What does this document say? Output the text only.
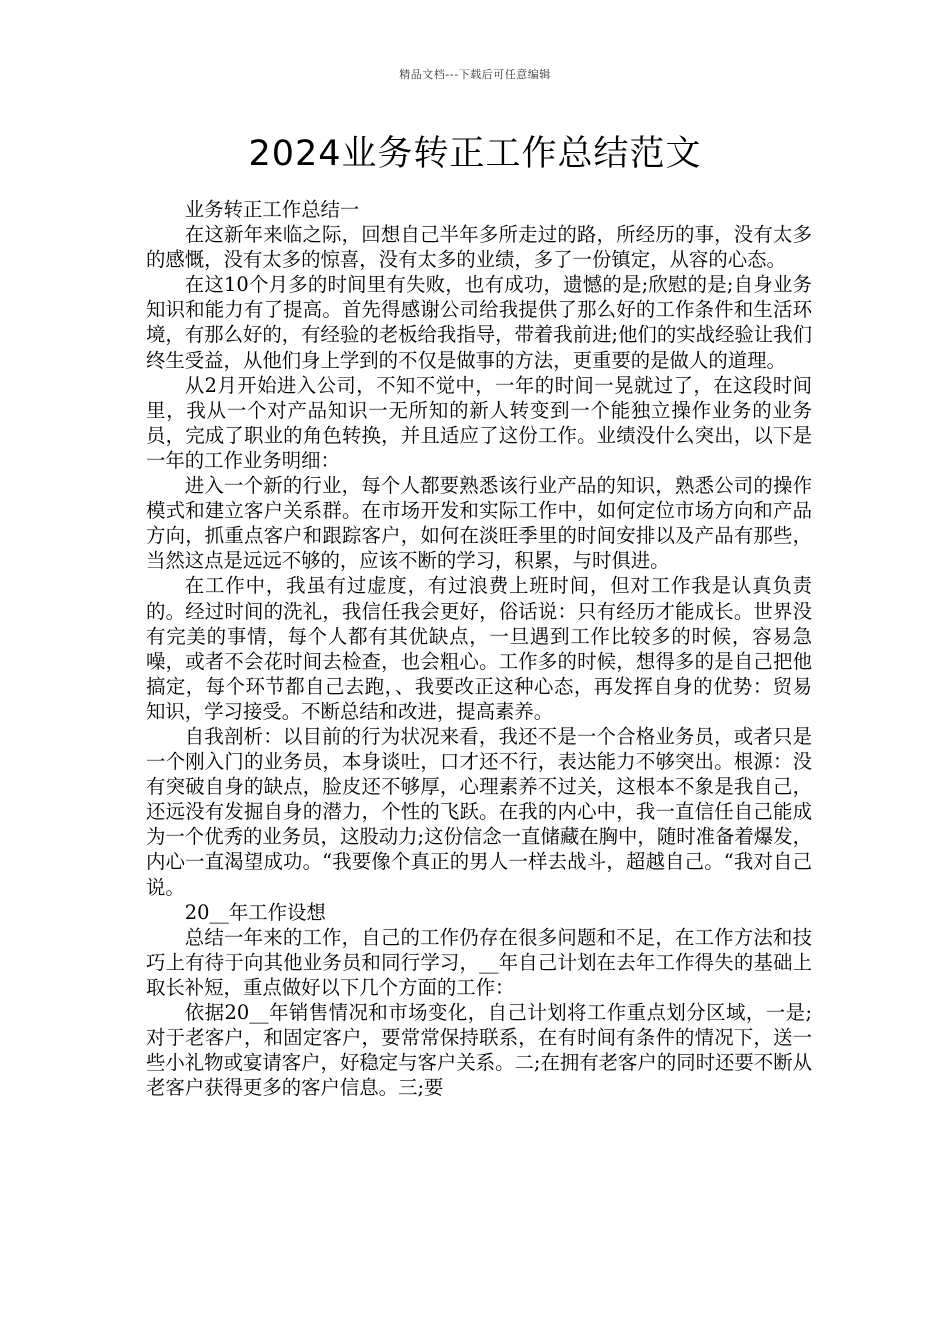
精品文档---下载后可任意编辑
2024业务转正工作总结范文

业务转正工作总结一

在这新年来临之际，回想自己半年多所走过的路，所经历的事，没有太多的感慨，没有太多的惊喜，没有太多的业绩，多了一份镇定，从容的心态。

在这10个月多的时间里有失败，也有成功，遗憾的是;欣慰的是;自身业务知识和能力有了提高。首先得感谢公司给我提供了那么好的工作条件和生活环境，有那么好的，有经验的老板给我指导，带着我前进;他们的实战经验让我们终生受益，从他们身上学到的不仅是做事的方法，更重要的是做人的道理。

从2月开始进入公司，不知不觉中，一年的时间一晃就过了，在这段时间里，我从一个对产品知识一无所知的新人转变到一个能独立操作业务的业务员，完成了职业的角色转换，并且适应了这份工作。业绩没什么突出，以下是一年的工作业务明细：

进入一个新的行业，每个人都要熟悉该行业产品的知识，熟悉公司的操作模式和建立客户关系群。在市场开发和实际工作中，如何定位市场方向和产品方向，抓重点客户和跟踪客户，如何在淡旺季里的时间安排以及产品有那些，当然这点是远远不够的，应该不断的学习，积累，与时俱进。

在工作中，我虽有过虚度，有过浪费上班时间，但对工作我是认真负责的。经过时间的洗礼，我信任我会更好，俗话说：只有经历才能成长。世界没有完美的事情，每个人都有其优缺点，一旦遇到工作比较多的时候，容易急噪，或者不会花时间去检查，也会粗心。工作多的时候，想得多的是自己把他搞定，每个环节都自己去跑，、我要改正这种心态，再发挥自身的优势：贸易知识，学习接受。不断总结和改进，提高素养。

自我剖析：以目前的行为状况来看，我还不是一个合格业务员，或者只是一个刚入门的业务员，本身谈吐，口才还不行，表达能力不够突出。根源：没有突破自身的缺点，脸皮还不够厚，心理素养不过关，这根本不象是我自己，还远没有发掘自身的潜力，个性的飞跃。在我的内心中，我一直信任自己能成为一个优秀的业务员，这股动力;这份信念一直储藏在胸中，随时准备着爆发，内心一直渴望成功。“我要像个真正的男人一样去战斗，超越自己。“我对自己说。

20__年工作设想

总结一年来的工作，自己的工作仍存在很多问题和不足，在工作方法和技巧上有待于向其他业务员和同行学习，__年自己计划在去年工作得失的基础上取长补短，重点做好以下几个方面的工作：

依据20__年销售情况和市场变化，自己计划将工作重点划分区域，一是;对于老客户，和固定客户，要常常保持联系，在有时间有条件的情况下，送一些小礼物或宴请客户，好稳定与客户关系。二;在拥有老客户的同时还要不断从老客户获得更多的客户信息。三;要
